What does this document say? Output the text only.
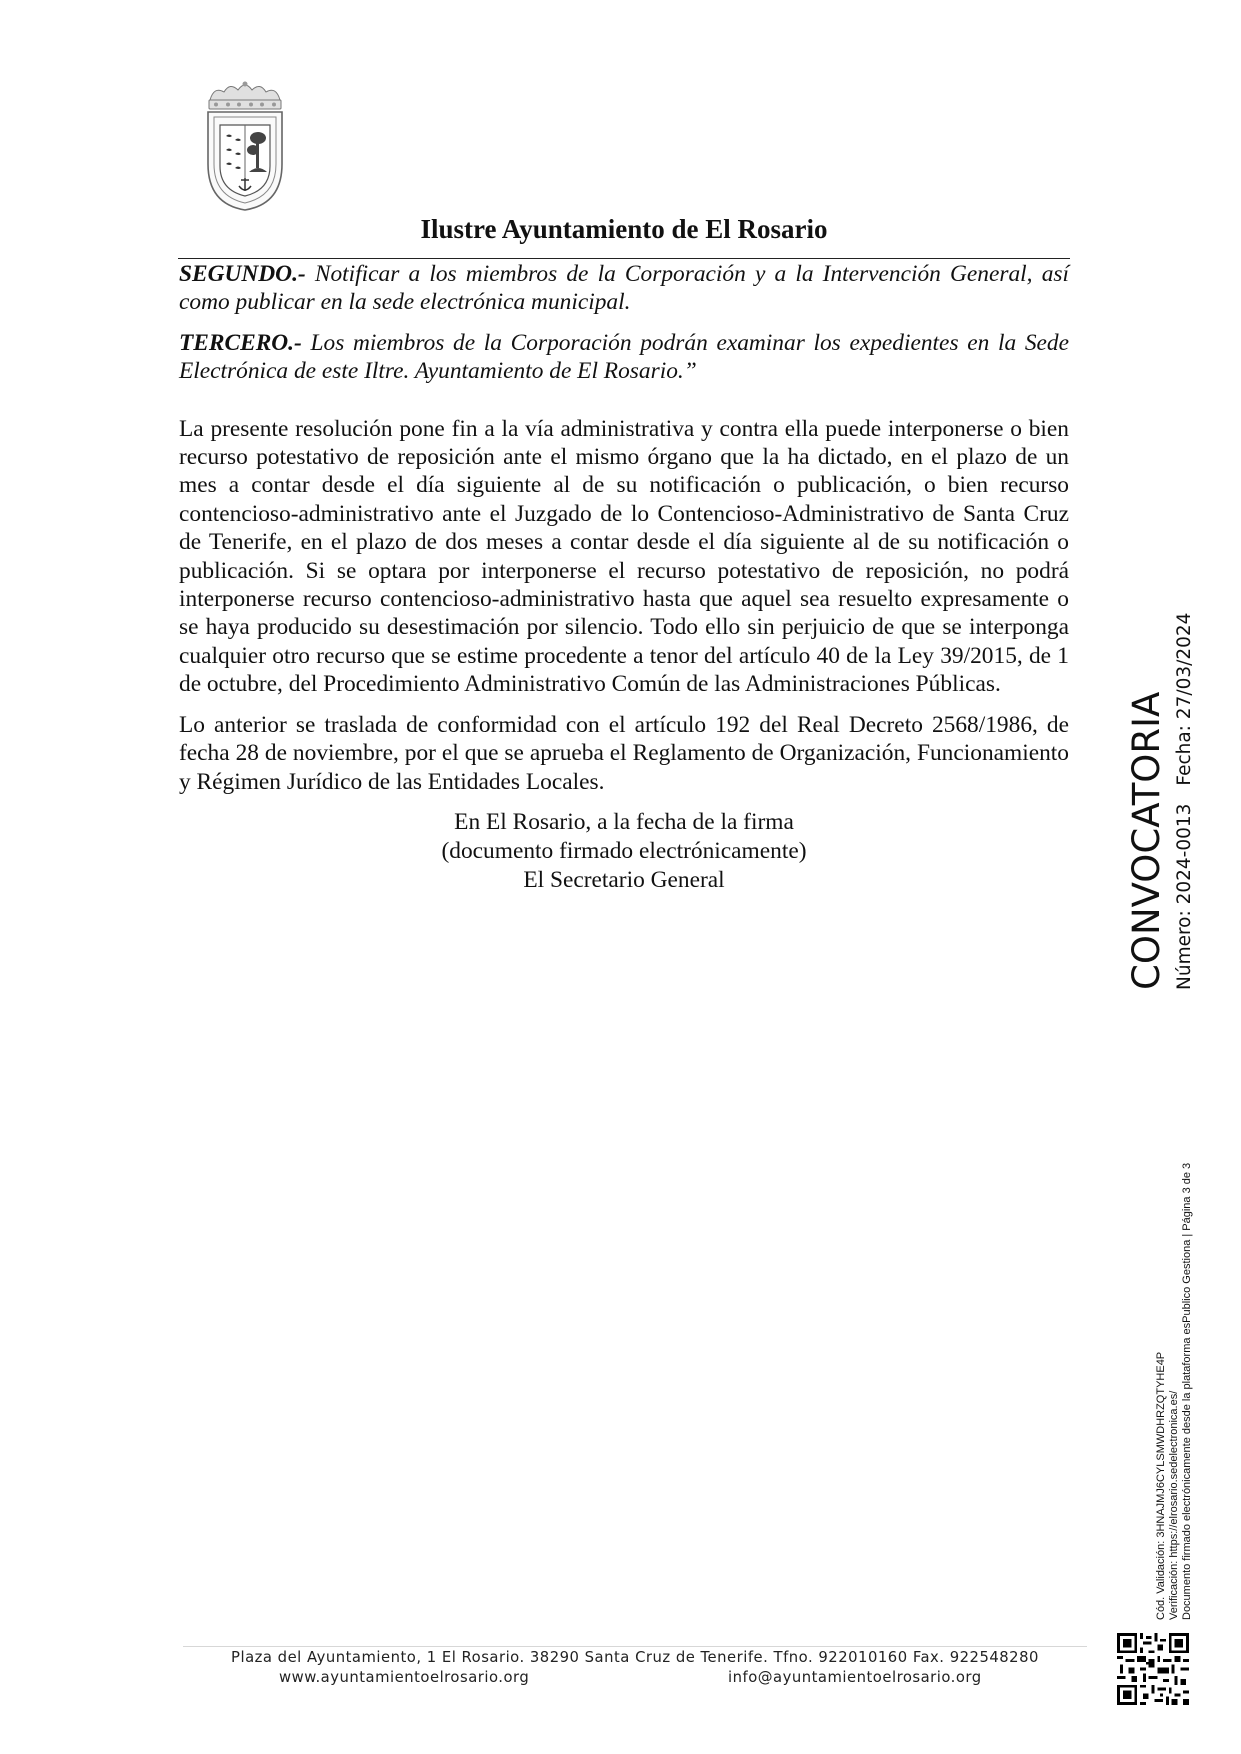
Ilustre Ayuntamiento de El Rosario

SEGUNDO.- Notificar a los miembros de la Corporación y a la Intervención General, así como publicar en la sede electrónica municipal.

TERCERO.- Los miembros de la Corporación podrán examinar los expedientes en la Sede Electrónica de este Iltre. Ayuntamiento de El Rosario.”

La presente resolución pone fin a la vía administrativa y contra ella puede interponerse o bien recurso potestativo de reposición ante el mismo órgano que la ha dictado, en el plazo de un mes a contar desde el día siguiente al de su notificación o publicación, o bien recurso contencioso-administrativo ante el Juzgado de lo Contencioso-Administrativo de Santa Cruz de Tenerife, en el plazo de dos meses a contar desde el día siguiente al de su notificación o publicación. Si se optara por interponerse el recurso potestativo de reposición, no podrá interponerse recurso contencioso-administrativo hasta que aquel sea resuelto expresamente o se haya producido su desestimación por silencio. Todo ello sin perjuicio de que se interponga cualquier otro recurso que se estime procedente a tenor del artículo 40 de la Ley 39/2015, de 1 de octubre, del Procedimiento Administrativo Común de las Administraciones Públicas.

Lo anterior se traslada de conformidad con el artículo 192 del Real Decreto 2568/1986, de fecha 28 de noviembre, por el que se aprueba el Reglamento de Organización, Funcionamiento y Régimen Jurídico de las Entidades Locales.

En El Rosario, a la fecha de la firma
(documento firmado electrónicamente)
El Secretario General	CONVOCATORIA Número: 2024-0013Fecha: 27/03/2024
Cód. Validación: 3HNAJMJ6CYLSMWDHRZQTYHE4P Verificación: https://elrosario.sedelectronica.es/ Documento firmado electrónicamente desde la plataforma esPublico Gestiona | Página 3 de 3
Plaza del Ayuntamiento, 1 El Rosario. 38290 Santa Cruz de Tenerife. Tfno. 922010160 Fax. 922548280
www.ayuntamientoelrosario.org	info@ayuntamientoelrosario.org
